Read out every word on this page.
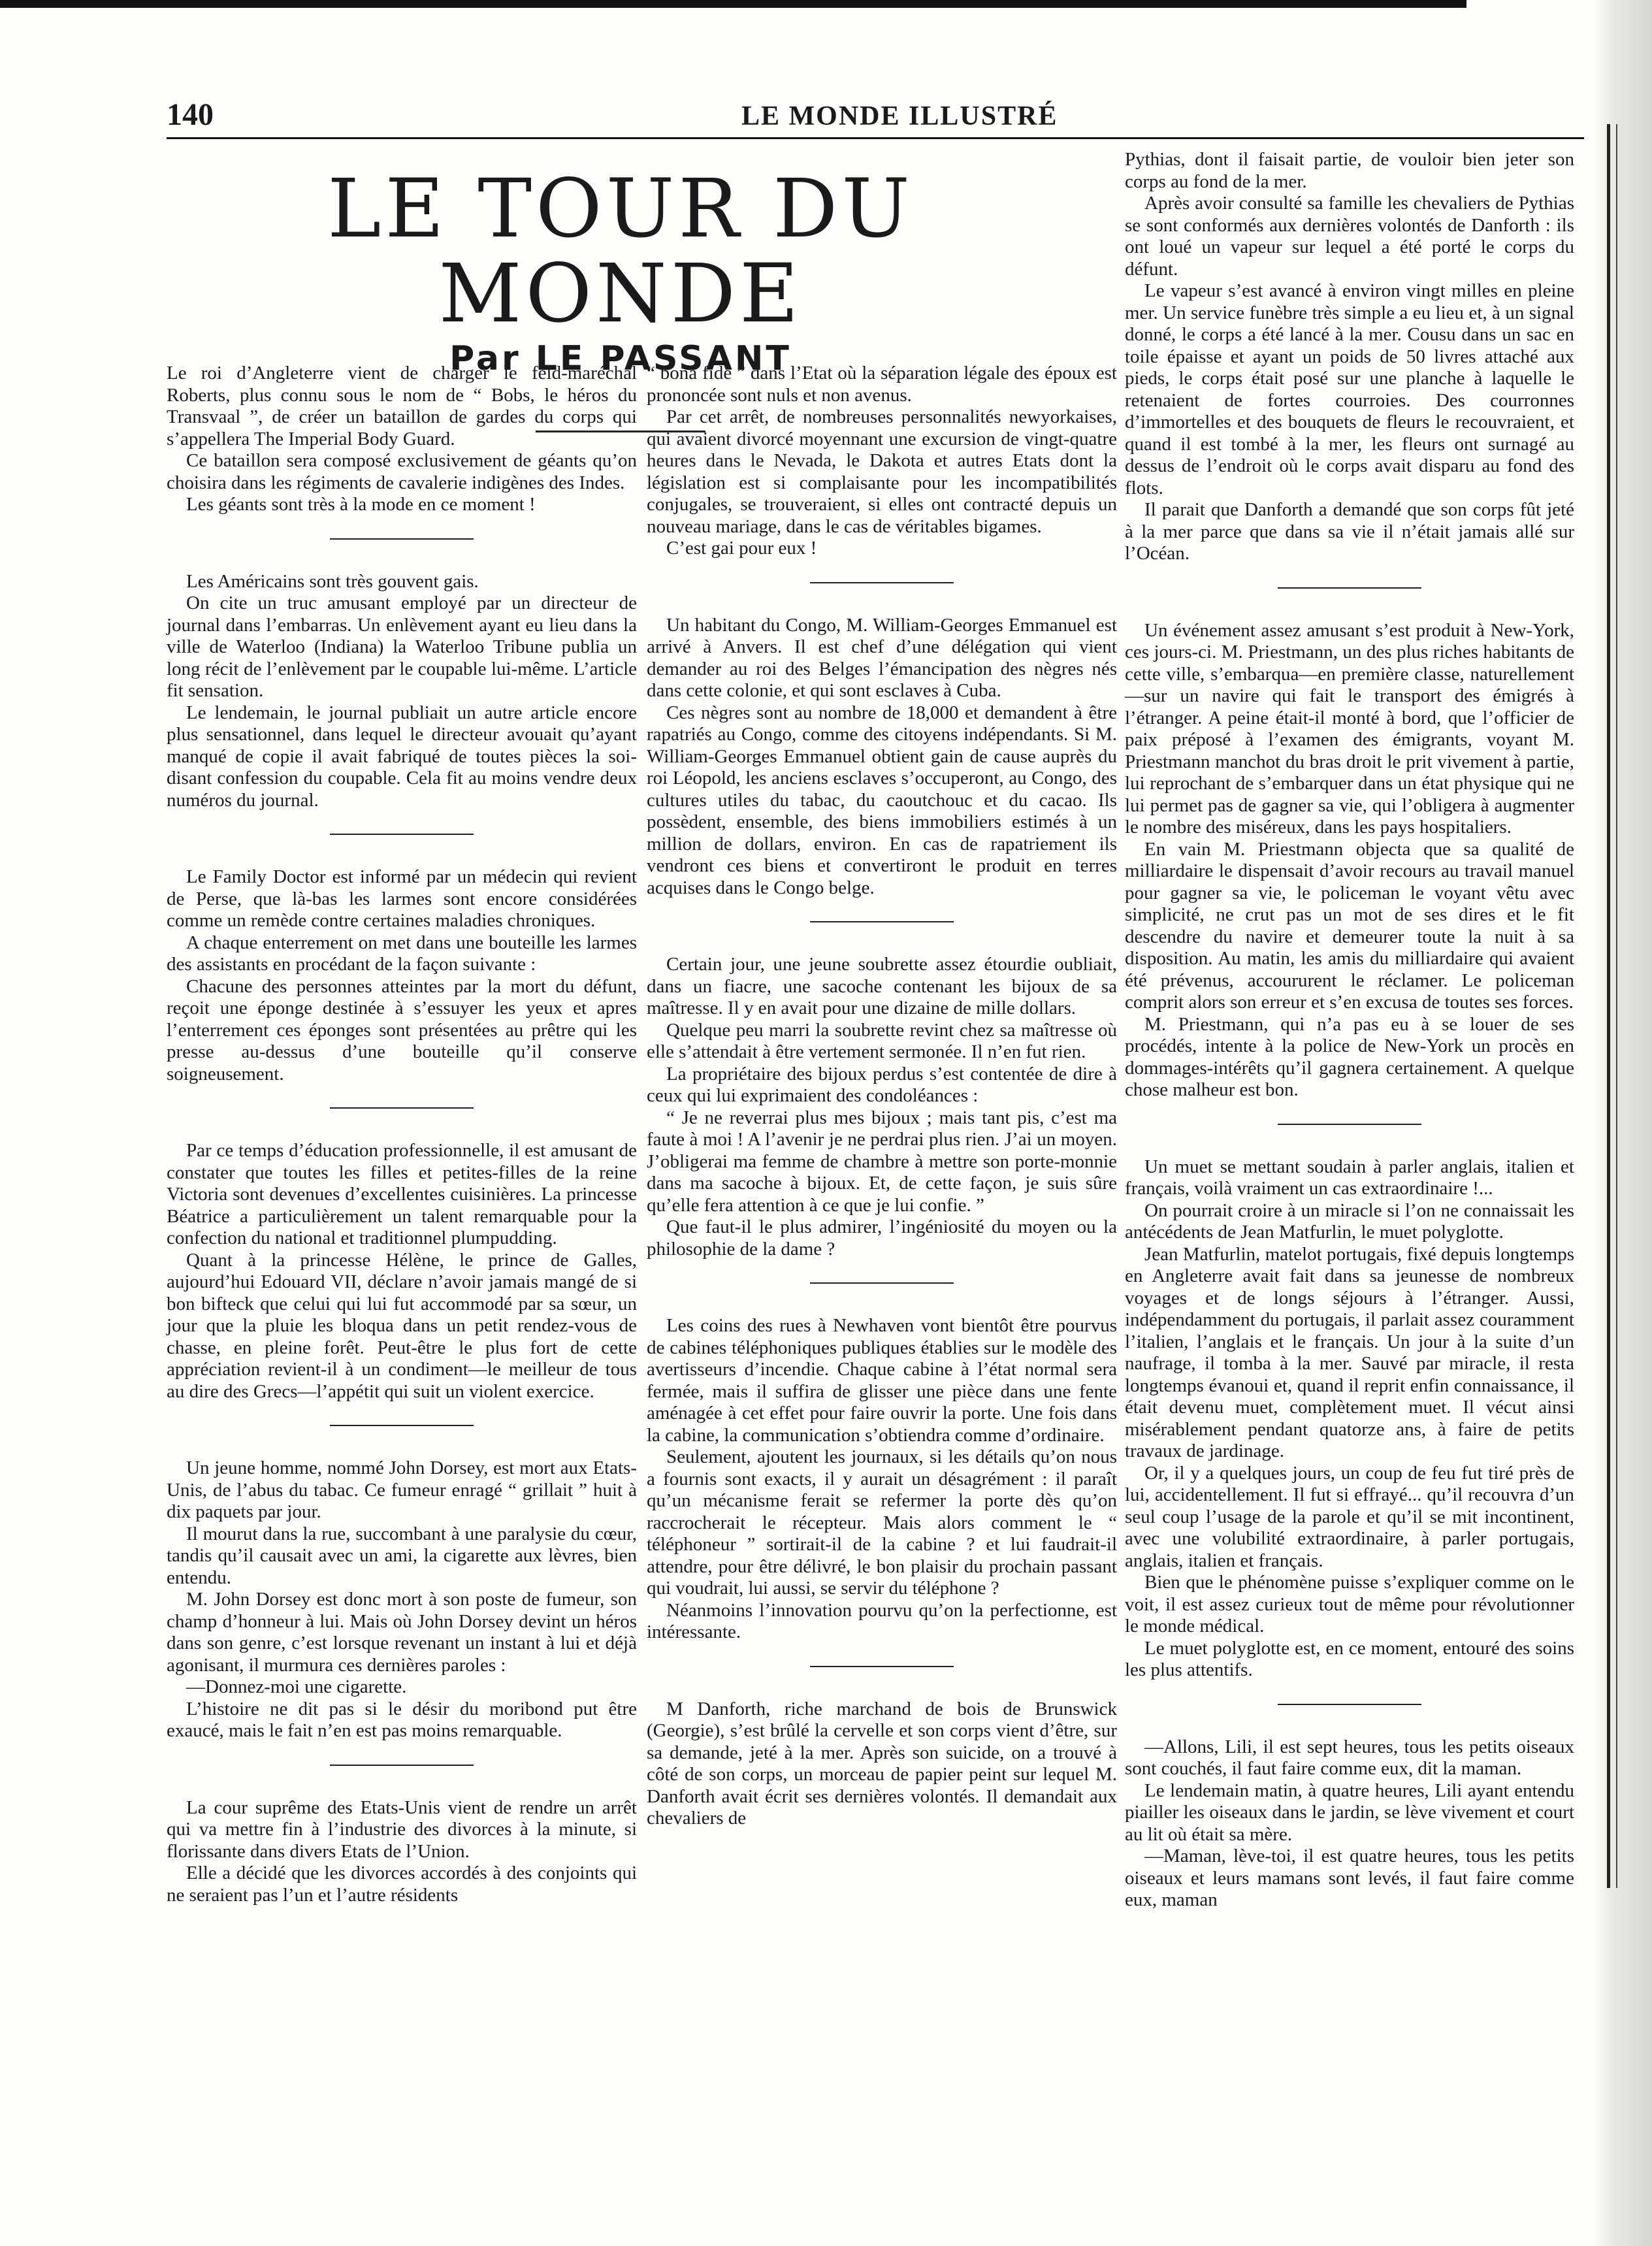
140	LE MONDE ILLUSTRÉ
LE TOUR DU MONDE
Par LE PASSANT

Le roi d’Angleterre vient de charger le feld-maréchal Roberts, plus connu sous le nom de “ Bobs, le héros du Transvaal ”, de créer un bataillon de gardes du corps qui s’appellera The Imperial Body Guard.

Ce bataillon sera composé exclusivement de géants qu’on choisira dans les régiments de cavalerie indigènes des Indes.

Les géants sont très à la mode en ce moment !

Les Américains sont très gouvent gais.

On cite un truc amusant employé par un directeur de journal dans l’embarras. Un enlèvement ayant eu lieu dans la ville de Waterloo (Indiana) la Waterloo Tribune publia un long récit de l’enlèvement par le coupable lui-même. L’article fit sensation.

Le lendemain, le journal publiait un autre article encore plus sensationnel, dans lequel le directeur avouait qu’ayant manqué de copie il avait fabriqué de toutes pièces la soi-disant confession du coupable. Cela fit au moins vendre deux numéros du journal.

Le Family Doctor est informé par un médecin qui revient de Perse, que là-bas les larmes sont encore considérées comme un remède contre certaines maladies chroniques.

A chaque enterrement on met dans une bouteille les larmes des assistants en procédant de la façon suivante :

Chacune des personnes atteintes par la mort du défunt, reçoit une éponge destinée à s’essuyer les yeux et apres l’enterrement ces éponges sont présentées au prêtre qui les presse au-dessus d’une bouteille qu’il conserve soigneusement.

Par ce temps d’éducation professionnelle, il est amusant de constater que toutes les filles et petites-filles de la reine Victoria sont devenues d’excellentes cuisinières. La princesse Béatrice a particulièrement un talent remarquable pour la confection du national et traditionnel plumpudding.

Quant à la princesse Hélène, le prince de Galles, aujourd’hui Edouard VII, déclare n’avoir jamais mangé de si bon bifteck que celui qui lui fut accommodé par sa sœur, un jour que la pluie les bloqua dans un petit rendez-vous de chasse, en pleine forêt. Peut-être le plus fort de cette appréciation revient-il à un condiment—le meilleur de tous au dire des Grecs—l’appétit qui suit un violent exercice.

Un jeune homme, nommé John Dorsey, est mort aux Etats-Unis, de l’abus du tabac. Ce fumeur enragé “ grillait ” huit à dix paquets par jour.

Il mourut dans la rue, succombant à une paralysie du cœur, tandis qu’il causait avec un ami, la cigarette aux lèvres, bien entendu.

M. John Dorsey est donc mort à son poste de fumeur, son champ d’honneur à lui. Mais où John Dorsey devint un héros dans son genre, c’est lorsque revenant un instant à lui et déjà agonisant, il murmura ces dernières paroles :

—Donnez-moi une cigarette.

L’histoire ne dit pas si le désir du moribond put être exaucé, mais le fait n’en est pas moins remarquable.

La cour suprême des Etats-Unis vient de rendre un arrêt qui va mettre fin à l’industrie des divorces à la minute, si florissante dans divers Etats de l’Union.

Elle a décidé que les divorces accordés à des conjoints qui ne seraient pas l’un et l’autre résidents

“ bona fide ” dans l’Etat où la séparation légale des époux est prononcée sont nuls et non avenus.

Par cet arrêt, de nombreuses personnalités newyorkaises, qui avaient divorcé moyennant une excursion de vingt-quatre heures dans le Nevada, le Dakota et autres Etats dont la législation est si complaisante pour les incompatibilités conjugales, se trouveraient, si elles ont contracté depuis un nouveau mariage, dans le cas de véritables bigames.

C’est gai pour eux !

Un habitant du Congo, M. William-Georges Emmanuel est arrivé à Anvers. Il est chef d’une délégation qui vient demander au roi des Belges l’émancipation des nègres nés dans cette colonie, et qui sont esclaves à Cuba.

Ces nègres sont au nombre de 18,000 et demandent à être rapatriés au Congo, comme des citoyens indépendants. Si M. William-Georges Emmanuel obtient gain de cause auprès du roi Léopold, les anciens esclaves s’occuperont, au Congo, des cultures utiles du tabac, du caoutchouc et du cacao. Ils possèdent, ensemble, des biens immobiliers estimés à un million de dollars, environ. En cas de rapatriement ils vendront ces biens et convertiront le produit en terres acquises dans le Congo belge.

Certain jour, une jeune soubrette assez étourdie oubliait, dans un fiacre, une sacoche contenant les bijoux de sa maîtresse. Il y en avait pour une dizaine de mille dollars.

Quelque peu marri la soubrette revint chez sa maîtresse où elle s’attendait à être vertement sermonée. Il n’en fut rien.

La propriétaire des bijoux perdus s’est contentée de dire à ceux qui lui exprimaient des condoléances :

“ Je ne reverrai plus mes bijoux ; mais tant pis, c’est ma faute à moi ! A l’avenir je ne perdrai plus rien. J’ai un moyen. J’obligerai ma femme de chambre à mettre son porte-monnie dans ma sacoche à bijoux. Et, de cette façon, je suis sûre qu’elle fera attention à ce que je lui confie. ”

Que faut-il le plus admirer, l’ingéniosité du moyen ou la philosophie de la dame ?

Les coins des rues à Newhaven vont bientôt être pourvus de cabines téléphoniques publiques établies sur le modèle des avertisseurs d’incendie. Chaque cabine à l’état normal sera fermée, mais il suffira de glisser une pièce dans une fente aménagée à cet effet pour faire ouvrir la porte. Une fois dans la cabine, la communication s’obtiendra comme d’ordinaire.

Seulement, ajoutent les journaux, si les détails qu’on nous a fournis sont exacts, il y aurait un désagrément : il paraît qu’un mécanisme ferait se refermer la porte dès qu’on raccrocherait le récepteur. Mais alors comment le “ téléphoneur ” sortirait-il de la cabine ? et lui faudrait-il attendre, pour être délivré, le bon plaisir du prochain passant qui voudrait, lui aussi, se servir du téléphone ?

Néanmoins l’innovation pourvu qu’on la perfectionne, est intéressante.

M Danforth, riche marchand de bois de Brunswick (Georgie), s’est brûlé la cervelle et son corps vient d’être, sur sa demande, jeté à la mer. Après son suicide, on a trouvé à côté de son corps, un morceau de papier peint sur lequel M. Danforth avait écrit ses dernières volontés. Il demandait aux chevaliers de

Pythias, dont il faisait partie, de vouloir bien jeter son corps au fond de la mer.

Après avoir consulté sa famille les chevaliers de Pythias se sont conformés aux dernières volontés de Danforth : ils ont loué un vapeur sur lequel a été porté le corps du défunt.

Le vapeur s’est avancé à environ vingt milles en pleine mer. Un service funèbre très simple a eu lieu et, à un signal donné, le corps a été lancé à la mer. Cousu dans un sac en toile épaisse et ayant un poids de 50 livres attaché aux pieds, le corps était posé sur une planche à laquelle le retenaient de fortes courroies. Des courronnes d’immortelles et des bouquets de fleurs le recouvraient, et quand il est tombé à la mer, les fleurs ont surnagé au dessus de l’endroit où le corps avait disparu au fond des flots.

Il parait que Danforth a demandé que son corps fût jeté à la mer parce que dans sa vie il n’était jamais allé sur l’Océan.

Un événement assez amusant s’est produit à New-York, ces jours-ci. M. Priestmann, un des plus riches habitants de cette ville, s’embarqua—en première classe, naturellement—sur un navire qui fait le transport des émigrés à l’étranger. A peine était-il monté à bord, que l’officier de paix préposé à l’examen des émigrants, voyant M. Priestmann manchot du bras droit le prit vivement à partie, lui reprochant de s’embarquer dans un état physique qui ne lui permet pas de gagner sa vie, qui l’obligera à augmenter le nombre des miséreux, dans les pays hospitaliers.

En vain M. Priestmann objecta que sa qualité de milliardaire le dispensait d’avoir recours au travail manuel pour gagner sa vie, le policeman le voyant vêtu avec simplicité, ne crut pas un mot de ses dires et le fit descendre du navire et demeurer toute la nuit à sa disposition. Au matin, les amis du milliardaire qui avaient été prévenus, accoururent le réclamer. Le policeman comprit alors son erreur et s’en excusa de toutes ses forces.

M. Priestmann, qui n’a pas eu à se louer de ses procédés, intente à la police de New-York un procès en dommages-intérêts qu’il gagnera certainement. A quelque chose malheur est bon.

Un muet se mettant soudain à parler anglais, italien et français, voilà vraiment un cas extraordinaire !...

On pourrait croire à un miracle si l’on ne connaissait les antécédents de Jean Matfurlin, le muet polyglotte.

Jean Matfurlin, matelot portugais, fixé depuis longtemps en Angleterre avait fait dans sa jeunesse de nombreux voyages et de longs séjours à l’étranger. Aussi, indépendamment du portugais, il parlait assez couramment l’italien, l’anglais et le français. Un jour à la suite d’un naufrage, il tomba à la mer. Sauvé par miracle, il resta longtemps évanoui et, quand il reprit enfin connaissance, il était devenu muet, complètement muet. Il vécut ainsi misérablement pendant quatorze ans, à faire de petits travaux de jardinage.

Or, il y a quelques jours, un coup de feu fut tiré près de lui, accidentellement. Il fut si effrayé... qu’il recouvra d’un seul coup l’usage de la parole et qu’il se mit incontinent, avec une volubilité extraordinaire, à parler portugais, anglais, italien et français.

Bien que le phénomène puisse s’expliquer comme on le voit, il est assez curieux tout de même pour révolutionner le monde médical.

Le muet polyglotte est, en ce moment, entouré des soins les plus attentifs.

—Allons, Lili, il est sept heures, tous les petits oiseaux sont couchés, il faut faire comme eux, dit la maman.

Le lendemain matin, à quatre heures, Lili ayant entendu piailler les oiseaux dans le jardin, se lève vivement et court au lit où était sa mère.

—Maman, lève-toi, il est quatre heures, tous les petits oiseaux et leurs mamans sont levés, il faut faire comme eux, maman
